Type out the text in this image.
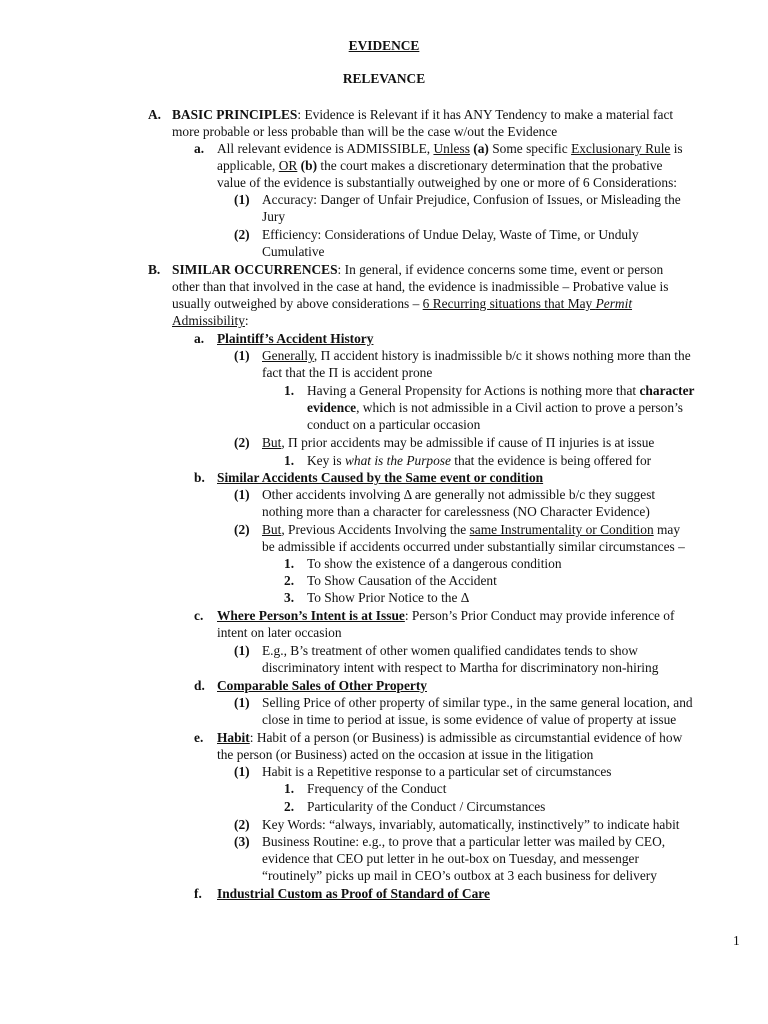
EVIDENCE
RELEVANCE
A. BASIC PRINCIPLES: Evidence is Relevant if it has ANY Tendency to make a material fact
more probable or less probable than will be the case w/out the Evidence
a. All relevant evidence is ADMISSIBLE, Unless (a) Some specific Exclusionary Rule is
applicable, OR (b) the court makes a discretionary determination that the probative
value of the evidence is substantially outweighed by one or more of 6 Considerations:
(1) Accuracy: Danger of Unfair Prejudice, Confusion of Issues, or Misleading the
Jury
(2) Efficiency: Considerations of Undue Delay, Waste of Time, or Unduly
Cumulative
B. SIMILAR OCCURRENCES: In general, if evidence concerns some time, event or person
other than that involved in the case at hand, the evidence is inadmissible – Probative value is
usually outweighed by above considerations – 6 Recurring situations that May Permit
Admissibility:
a. Plaintiff’s Accident History
(1) Generally, Π accident history is inadmissible b/c it shows nothing more than the
fact that the Π is accident prone
1. Having a General Propensity for Actions is nothing more that character
evidence, which is not admissible in a Civil action to prove a person’s
conduct on a particular occasion
(2) But, Π prior accidents may be admissible if cause of Π injuries is at issue
1. Key is what is the Purpose that the evidence is being offered for
b. Similar Accidents Caused by the Same event or condition
(1) Other accidents involving Δ are generally not admissible b/c they suggest
nothing more than a character for carelessness (NO Character Evidence)
(2) But, Previous Accidents Involving the same Instrumentality or Condition may
be admissible if accidents occurred under substantially similar circumstances –
1. To show the existence of a dangerous condition
2. To Show Causation of the Accident
3. To Show Prior Notice to the Δ
c. Where Person’s Intent is at Issue: Person’s Prior Conduct may provide inference of
intent on later occasion
(1) E.g., B’s treatment of other women qualified candidates tends to show
discriminatory intent with respect to Martha for discriminatory non-hiring
d. Comparable Sales of Other Property
(1) Selling Price of other property of similar type., in the same general location, and
close in time to period at issue, is some evidence of value of property at issue
e. Habit: Habit of a person (or Business) is admissible as circumstantial evidence of how
the person (or Business) acted on the occasion at issue in the litigation
(1) Habit is a Repetitive response to a particular set of circumstances
1. Frequency of the Conduct
2. Particularity of the Conduct / Circumstances
(2) Key Words: “always, invariably, automatically, instinctively” to indicate habit
(3) Business Routine: e.g., to prove that a particular letter was mailed by CEO,
evidence that CEO put letter in he out-box on Tuesday, and messenger
“routinely” picks up mail in CEO’s outbox at 3 each business for delivery
f. Industrial Custom as Proof of Standard of Care
1
